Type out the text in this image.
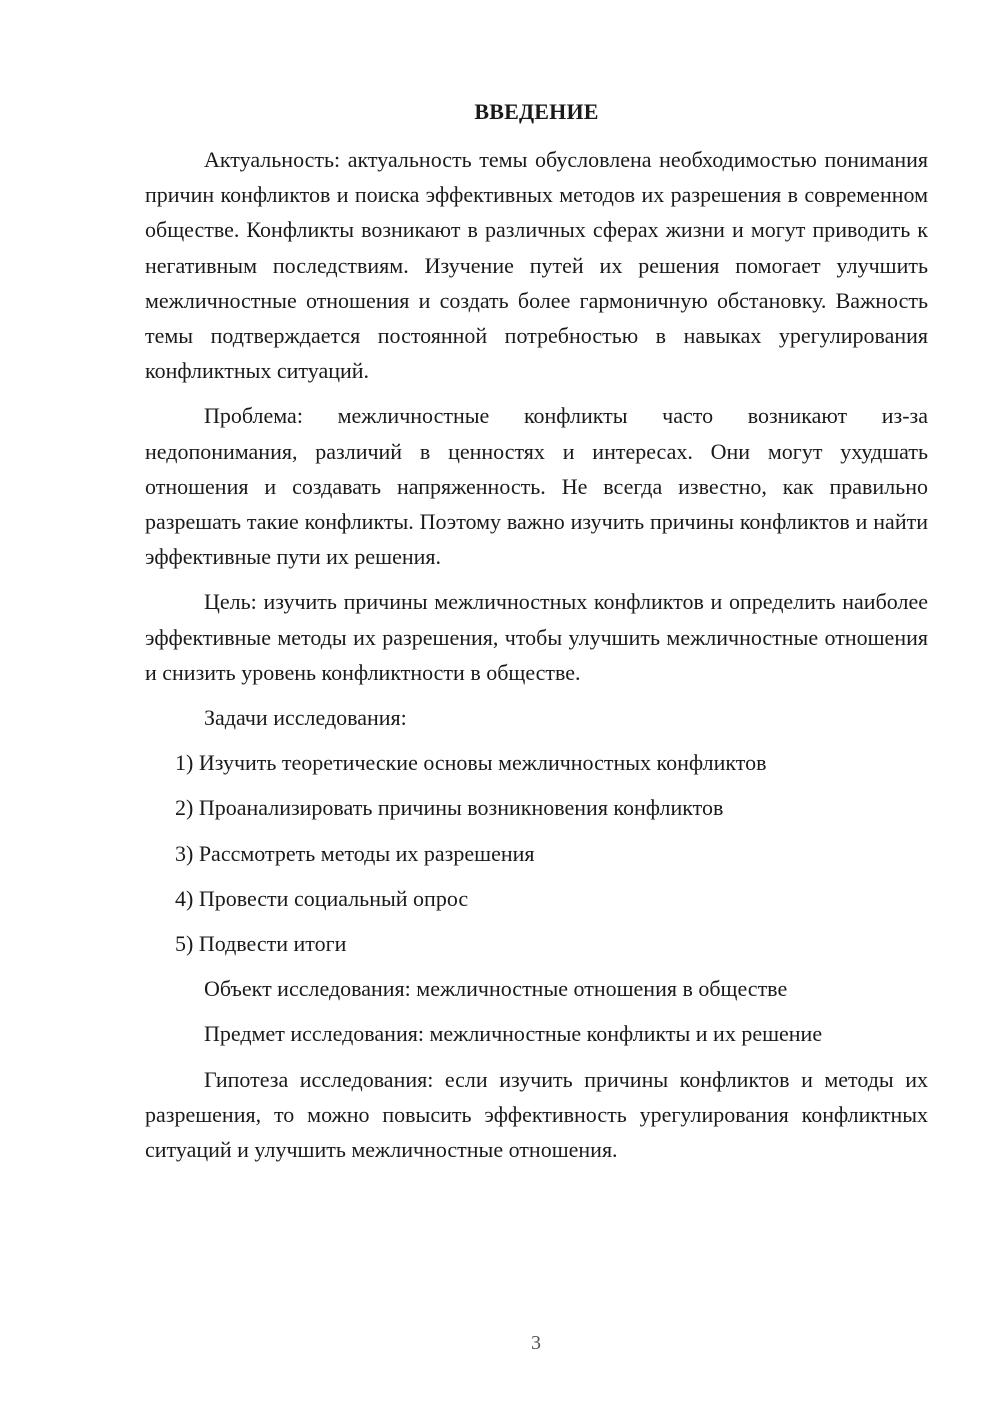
ВВЕДЕНИЕ

Актуальность: актуальность темы обусловлена необходимостью понимания причин конфликтов и поиска эффективных методов их разрешения в современном обществе. Конфликты возникают в различных сферах жизни и могут приводить к негативным последствиям. Изучение путей их решения помогает улучшить межличностные отношения и создать более гармоничную обстановку. Важность темы подтверждается постоянной потребностью в навыках урегулирования конфликтных ситуаций.

Проблема: межличностные конфликты часто возникают из-за недопонимания, различий в ценностях и интересах. Они могут ухудшать отношения и создавать напряженность. Не всегда известно, как правильно разрешать такие конфликты. Поэтому важно изучить причины конфликтов и найти эффективные пути их решения.

Цель: изучить причины межличностных конфликтов и определить наиболее эффективные методы их разрешения, чтобы улучшить межличностные отношения и снизить уровень конфликтности в обществе.

Задачи исследования:

1) Изучить теоретические основы межличностных конфликтов
2) Проанализировать причины возникновения конфликтов
3) Рассмотреть методы их разрешения
4) Провести социальный опрос
5) Подвести итоги

Объект исследования: межличностные отношения в обществе

Предмет исследования: межличностные конфликты и их решение

Гипотеза исследования: если изучить причины конфликтов и методы их разрешения, то можно повысить эффективность урегулирования конфликтных ситуаций и улучшить межличностные отношения.

3
